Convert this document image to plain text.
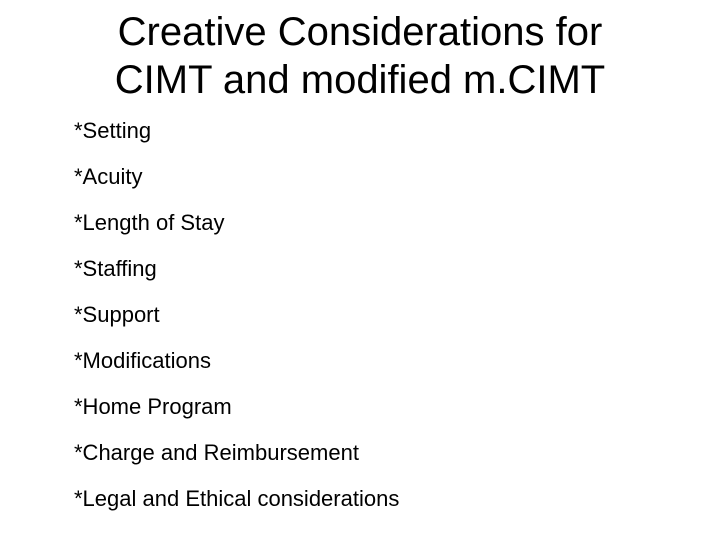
Creative Considerations for
CIMT and modified m.CIMT
*Setting
*Acuity
*Length of Stay
*Staffing
*Support
*Modifications
*Home Program
*Charge and Reimbursement
*Legal and Ethical considerations
